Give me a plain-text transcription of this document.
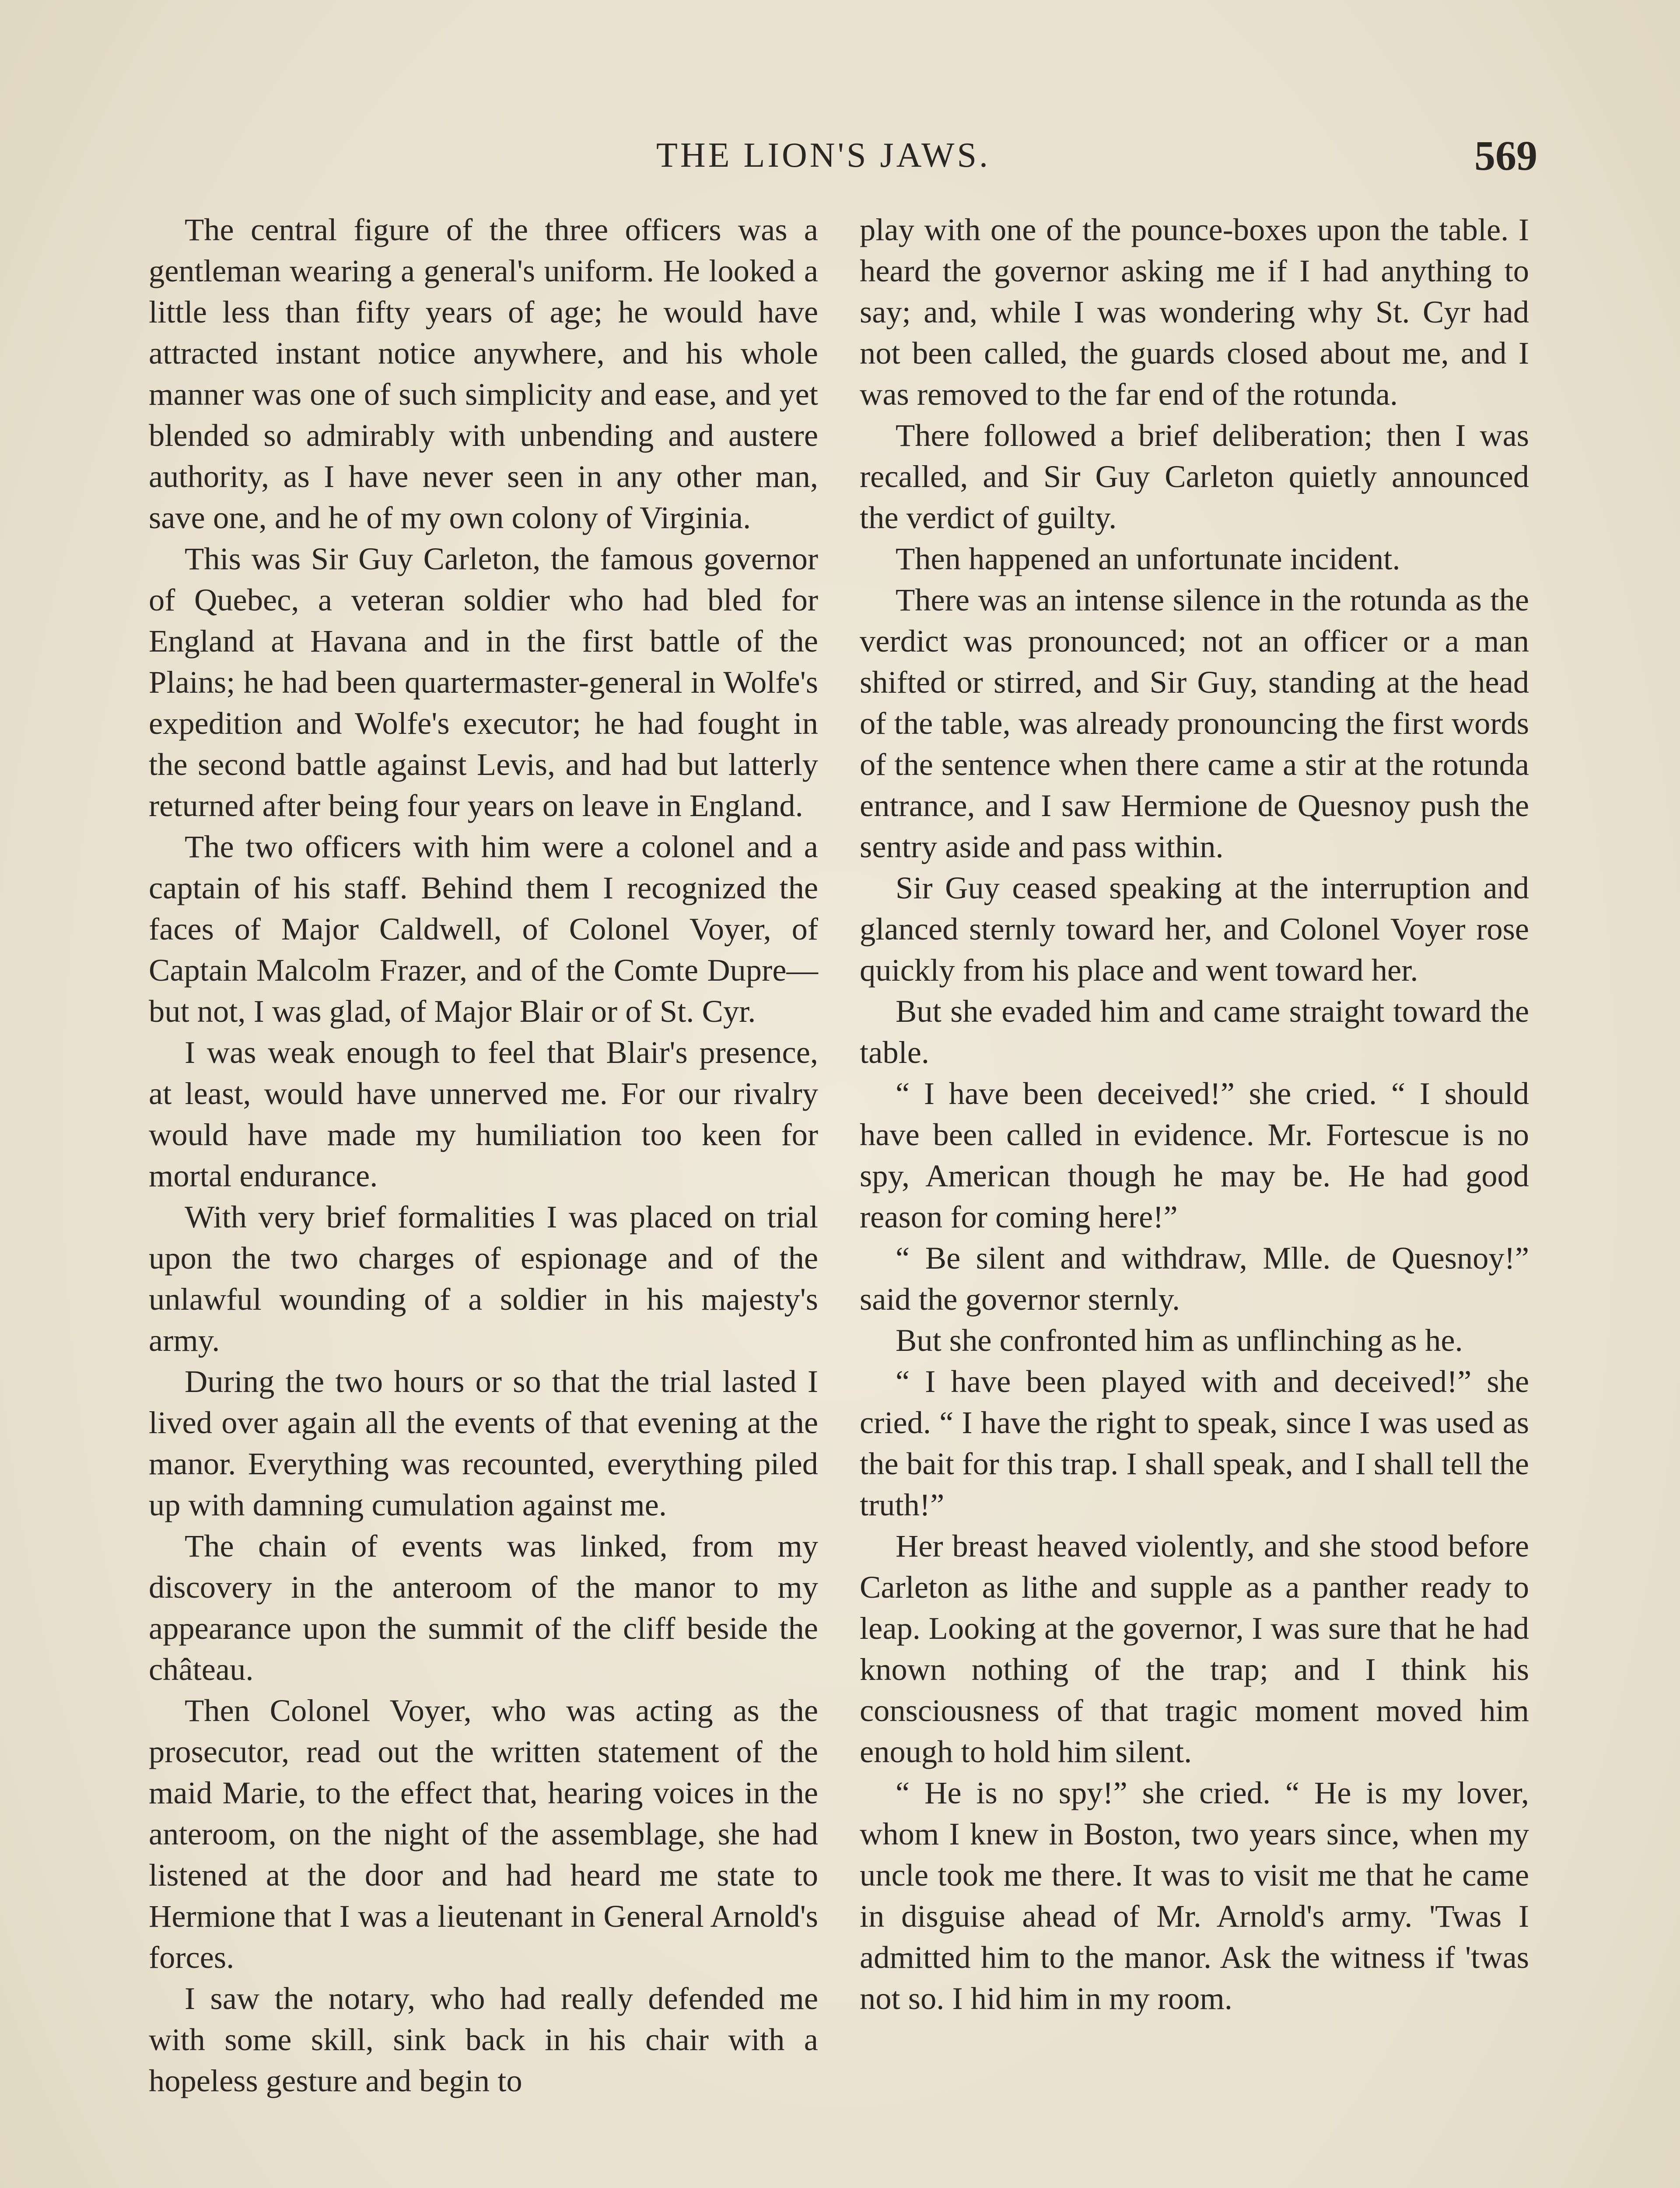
THE LION'S JAWS.	569

The central figure of the three officers was a gentleman wearing a general's uniform. He looked a little less than fifty years of age; he would have attracted instant notice anywhere, and his whole manner was one of such simplicity and ease, and yet blended so admirably with unbending and austere authority, as I have never seen in any other man, save one, and he of my own colony of Virginia.

This was Sir Guy Carleton, the famous governor of Quebec, a veteran soldier who had bled for England at Havana and in the first battle of the Plains; he had been quartermaster-general in Wolfe's expedition and Wolfe's executor; he had fought in the second battle against Levis, and had but latterly returned after being four years on leave in England.

The two officers with him were a colonel and a captain of his staff. Behind them I recognized the faces of Major Caldwell, of Colonel Voyer, of Captain Malcolm Frazer, and of the Comte Dupre—but not, I was glad, of Major Blair or of St. Cyr.

I was weak enough to feel that Blair's presence, at least, would have unnerved me. For our rivalry would have made my humiliation too keen for mortal endurance.

With very brief formalities I was placed on trial upon the two charges of espionage and of the unlawful wounding of a soldier in his majesty's army.

During the two hours or so that the trial lasted I lived over again all the events of that evening at the manor. Everything was recounted, everything piled up with damning cumulation against me.

The chain of events was linked, from my discovery in the anteroom of the manor to my appearance upon the summit of the cliff beside the château.

Then Colonel Voyer, who was acting as the prosecutor, read out the written statement of the maid Marie, to the effect that, hearing voices in the anteroom, on the night of the assemblage, she had listened at the door and had heard me state to Hermione that I was a lieutenant in General Arnold's forces.

I saw the notary, who had really defended me with some skill, sink back in his chair with a hopeless gesture and begin to

play with one of the pounce-boxes upon the table. I heard the governor asking me if I had anything to say; and, while I was wondering why St. Cyr had not been called, the guards closed about me, and I was removed to the far end of the rotunda.

There followed a brief deliberation; then I was recalled, and Sir Guy Carleton quietly announced the verdict of guilty.

Then happened an unfortunate incident.

There was an intense silence in the rotunda as the verdict was pronounced; not an officer or a man shifted or stirred, and Sir Guy, standing at the head of the table, was already pronouncing the first words of the sentence when there came a stir at the rotunda entrance, and I saw Hermione de Quesnoy push the sentry aside and pass within.

Sir Guy ceased speaking at the interruption and glanced sternly toward her, and Colonel Voyer rose quickly from his place and went toward her.

But she evaded him and came straight toward the table.

“ I have been deceived!” she cried. “ I should have been called in evidence. Mr. Fortescue is no spy, American though he may be. He had good reason for coming here!”

“ Be silent and withdraw, Mlle. de Quesnoy!” said the governor sternly.

But she confronted him as unflinching as he.

“ I have been played with and deceived!” she cried. “ I have the right to speak, since I was used as the bait for this trap. I shall speak, and I shall tell the truth!”

Her breast heaved violently, and she stood before Carleton as lithe and supple as a panther ready to leap. Looking at the governor, I was sure that he had known nothing of the trap; and I think his consciousness of that tragic moment moved him enough to hold him silent.

“ He is no spy!” she cried. “ He is my lover, whom I knew in Boston, two years since, when my uncle took me there. It was to visit me that he came in disguise ahead of Mr. Arnold's army. 'Twas I admitted him to the manor. Ask the witness if 'twas not so. I hid him in my room.
